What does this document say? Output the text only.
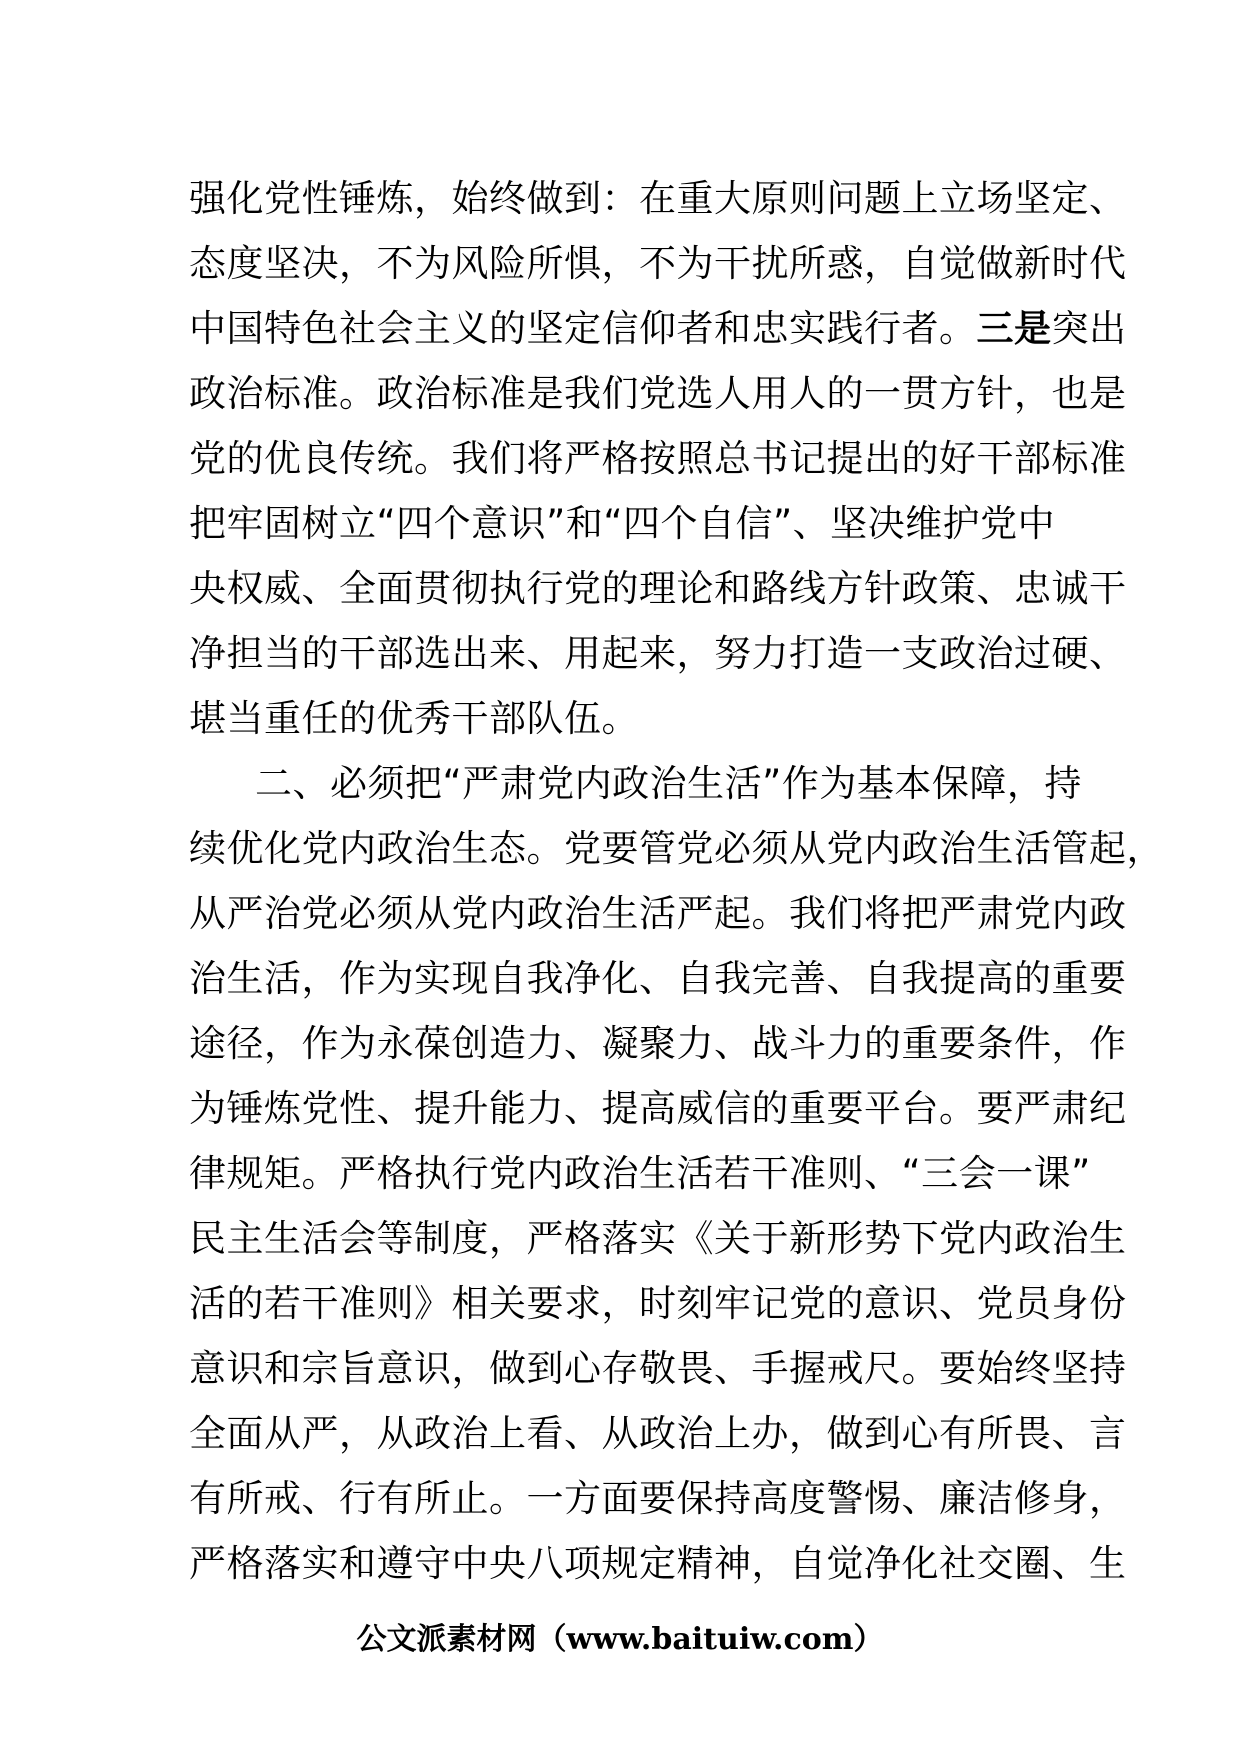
强化党性锤炼，始终做到：在重大原则问题上立场坚定、
态度坚决，不为风险所惧，不为干扰所惑，自觉做新时代
中国特色社会主义的坚定信仰者和忠实践行者。三是突出
政治标准。政治标准是我们党选人用人的一贯方针，也是
党的优良传统。我们将严格按照总书记提出的好干部标准
把牢固树立“四个意识”和“四个自信”、坚决维护党中
央权威、全面贯彻执行党的理论和路线方针政策、忠诚干
净担当的干部选出来、用起来，努力打造一支政治过硬、
堪当重任的优秀干部队伍。
二、必须把“严肃党内政治生活”作为基本保障，持
续优化党内政治生态。党要管党必须从党内政治生活管起，
从严治党必须从党内政治生活严起。我们将把严肃党内政
治生活，作为实现自我净化、自我完善、自我提高的重要
途径，作为永葆创造力、凝聚力、战斗力的重要条件，作
为锤炼党性、提升能力、提高威信的重要平台。要严肃纪
律规矩。严格执行党内政治生活若干准则、“三会一课”
民主生活会等制度，严格落实《关于新形势下党内政治生
活的若干准则》相关要求，时刻牢记党的意识、党员身份
意识和宗旨意识，做到心存敬畏、手握戒尺。要始终坚持
全面从严，从政治上看、从政治上办，做到心有所畏、言
有所戒、行有所止。一方面要保持高度警惕、廉洁修身，
严格落实和遵守中央八项规定精神，自觉净化社交圈、生
公文派素材网（www.baituiw.com）
